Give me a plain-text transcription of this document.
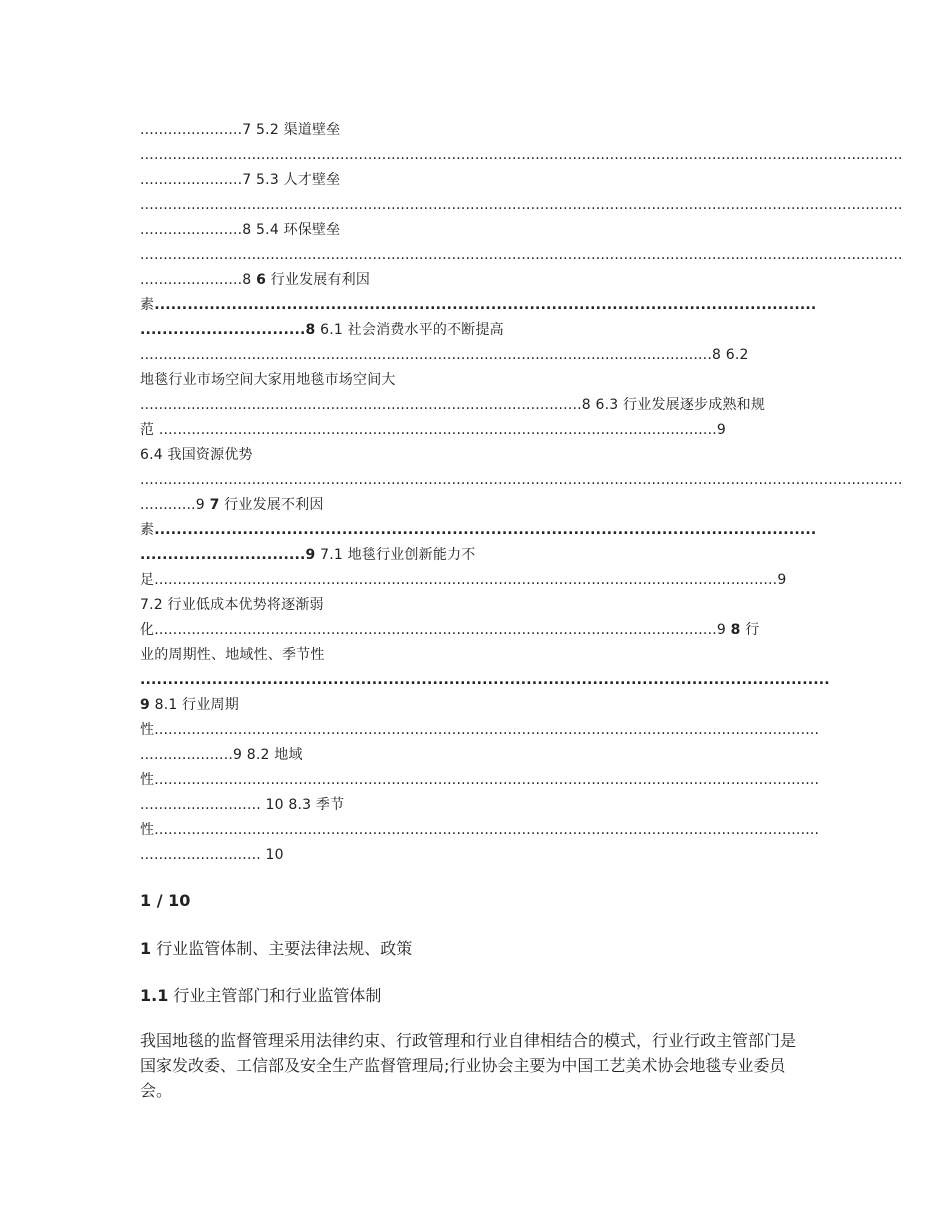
......................7 5.2 渠道壁垒
....................................................................................................................................................................
......................7 5.3 人才壁垒
....................................................................................................................................................................
......................8 5.4 环保壁垒
....................................................................................................................................................................
......................8 6 行业发展有利因
素........................................................................................................................
..............................8 6.1 社会消费水平的不断提高
...........................................................................................................................8 6.2
地毯行业市场空间大家用地毯市场空间大
...............................................................................................8 6.3 行业发展逐步成熟和规
范 ........................................................................................................................9
6.4 我国资源优势
....................................................................................................................................................................
............9 7 行业发展不利因
素........................................................................................................................
..............................9 7.1 地毯行业创新能力不
足......................................................................................................................................9
7.2 行业低成本优势将逐渐弱
化.........................................................................................................................9 8 行
业的周期性、地域性、季节性
.............................................................................................................................
9 8.1 行业周期
性...............................................................................................................................................
....................9 8.2 地域
性...............................................................................................................................................
.......................... 10 8.3 季节
性...............................................................................................................................................
.......................... 10
1 / 10
1 行业监管体制、主要法律法规、政策
1.1 行业主管部门和行业监管体制
我国地毯的监督管理采用法律约束、行政管理和行业自律相结合的模式，行业行政主管部门是国家发改委、工信部及安全生产监督管理局;行业协会主要为中国工艺美术协会地毯专业委员会。
